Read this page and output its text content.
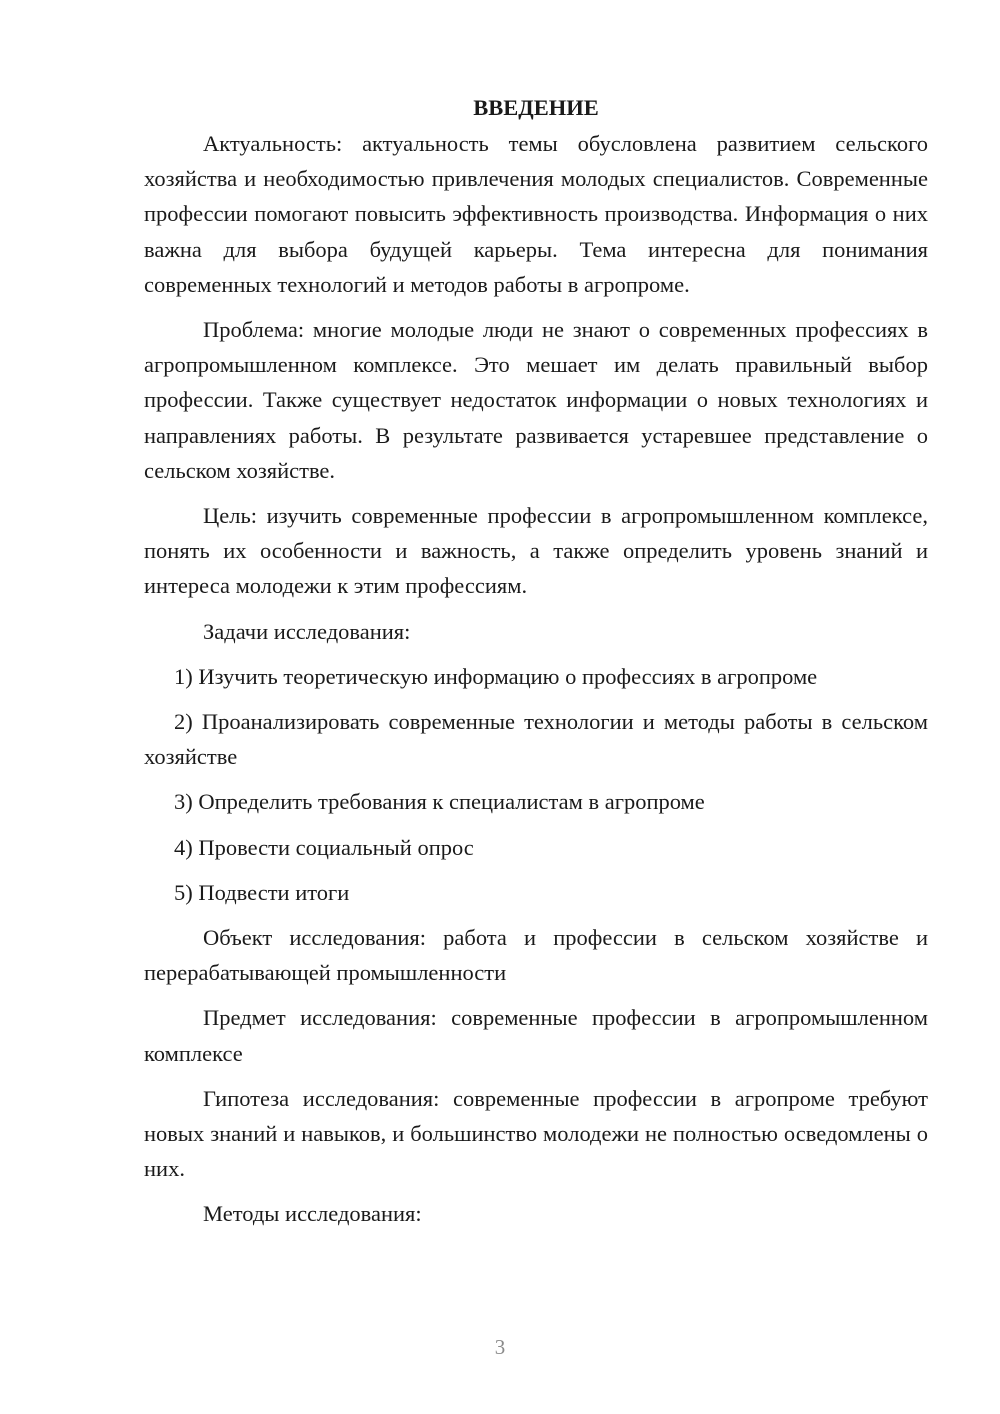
ВВЕДЕНИЕ

Актуальность: актуальность темы обусловлена развитием сельского хозяйства и необходимостью привлечения молодых специалистов. Современные профессии помогают повысить эффективность производства. Информация о них важна для выбора будущей карьеры. Тема интересна для понимания современных технологий и методов работы в агропроме.

Проблема: многие молодые люди не знают о современных профессиях в агропромышленном комплексе. Это мешает им делать правильный выбор профессии. Также существует недостаток информации о новых технологиях и направлениях работы. В результате развивается устаревшее представление о сельском хозяйстве.

Цель: изучить современные профессии в агропромышленном комплексе, понять их особенности и важность, а также определить уровень знаний и интереса молодежи к этим профессиям.

Задачи исследования:

1) Изучить теоретическую информацию о профессиях в агропроме

2) Проанализировать современные технологии и методы работы в сельском хозяйстве

3) Определить требования к специалистам в агропроме

4) Провести социальный опрос

5) Подвести итоги

Объект исследования: работа и профессии в сельском хозяйстве и перерабатывающей промышленности

Предмет исследования: современные профессии в агропромышленном комплексе

Гипотеза исследования: современные профессии в агропроме требуют новых знаний и навыков, и большинство молодежи не полностью осведомлены о них.

Методы исследования:

3
